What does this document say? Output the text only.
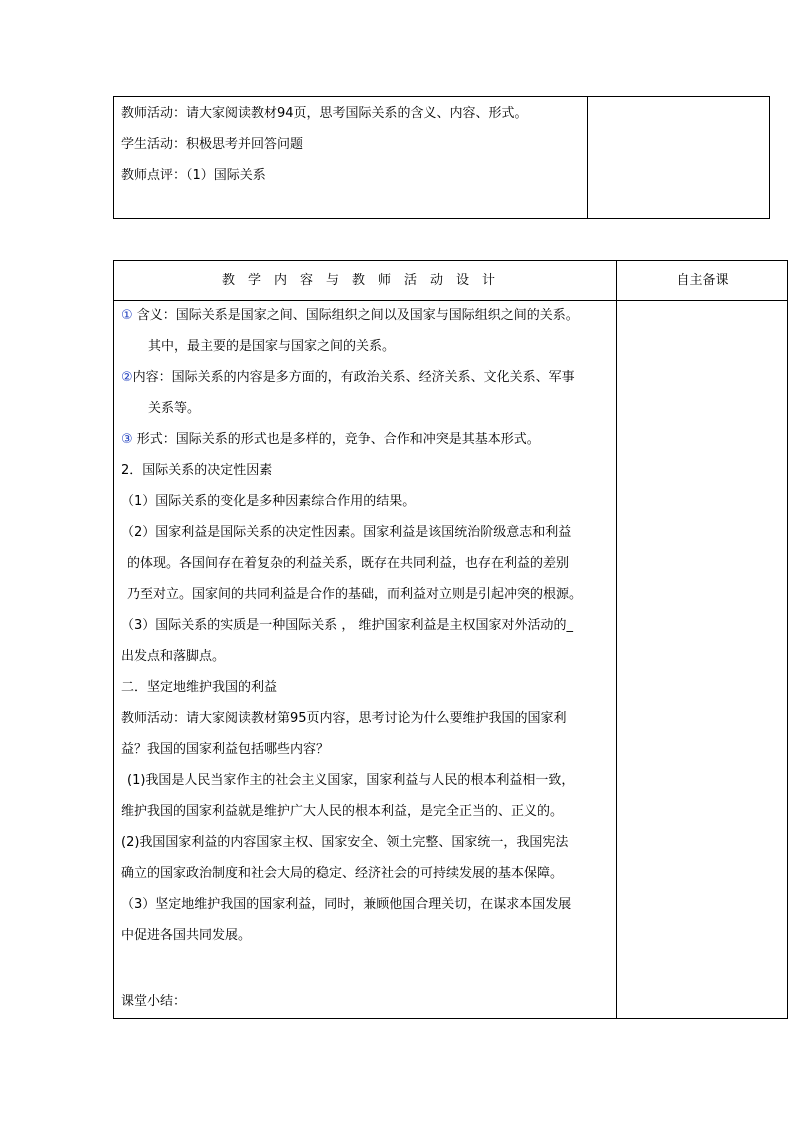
教师活动：请大家阅读教材94页，思考国际关系的含义、内容、形式。
学生活动：积极思考并回答问题
教师点评：（1）国际关系
教学内容与教师活动设计	自主备课
① 含义：国际关系是国家之间、国际组织之间以及国家与国际组织之间的关系。
其中，最主要的是国家与国家之间的关系。
②内容：国际关系的内容是多方面的，有政治关系、经济关系、文化关系、军事
关系等。
③ 形式：国际关系的形式也是多样的，竞争、合作和冲突是其基本形式。
2．国际关系的决定性因素
（1）国际关系的变化是多种因素综合作用的结果。
（2）国家利益是国际关系的决定性因素。国家利益是该国统治阶级意志和利益
的体现。各国间存在着复杂的利益关系，既存在共同利益，也存在利益的差别
乃至对立。国家间的共同利益是合作的基础，而利益对立则是引起冲突的根源。
（3）国际关系的实质是一种国际关系 ， 维护国家利益是主权国家对外活动的_
出发点和落脚点。
二．坚定地维护我国的利益
教师活动：请大家阅读教材第95页内容，思考讨论为什么要维护我国的国家利
益？我国的国家利益包括哪些内容？
(1)我国是人民当家作主的社会主义国家，国家利益与人民的根本利益相一致，
维护我国的国家利益就是维护广大人民的根本利益，是完全正当的、正义的。
(2)我国国家利益的内容国家主权、国家安全、领土完整、国家统一，我国宪法
确立的国家政治制度和社会大局的稳定、经济社会的可持续发展的基本保障。
（3）坚定地维护我国的国家利益，同时，兼顾他国合理关切，在谋求本国发展
中促进各国共同发展。
课堂小结：
